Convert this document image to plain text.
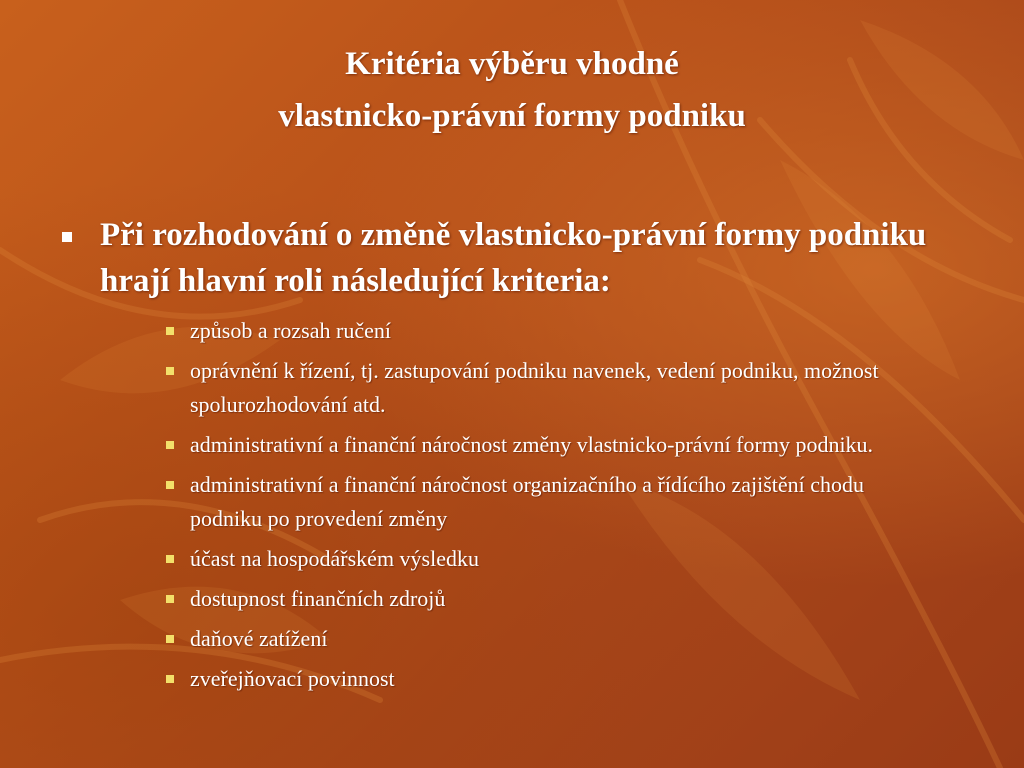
Kritéria výběru vhodné
vlastnicko-právní formy podniku
Při rozhodování o změně vlastnicko-právní formy podniku hrají hlavní roli následující kriteria:
způsob a rozsah ručení
oprávnění k řízení, tj. zastupování podniku navenek, vedení podniku, možnost spolurozhodování atd.
administrativní a finanční náročnost změny vlastnicko-právní formy podniku.
administrativní a finanční náročnost organizačního a řídícího zajištění chodu podniku po provedení změny
účast na hospodářském výsledku
dostupnost finančních zdrojů
daňové zatížení
zveřejňovací povinnost
